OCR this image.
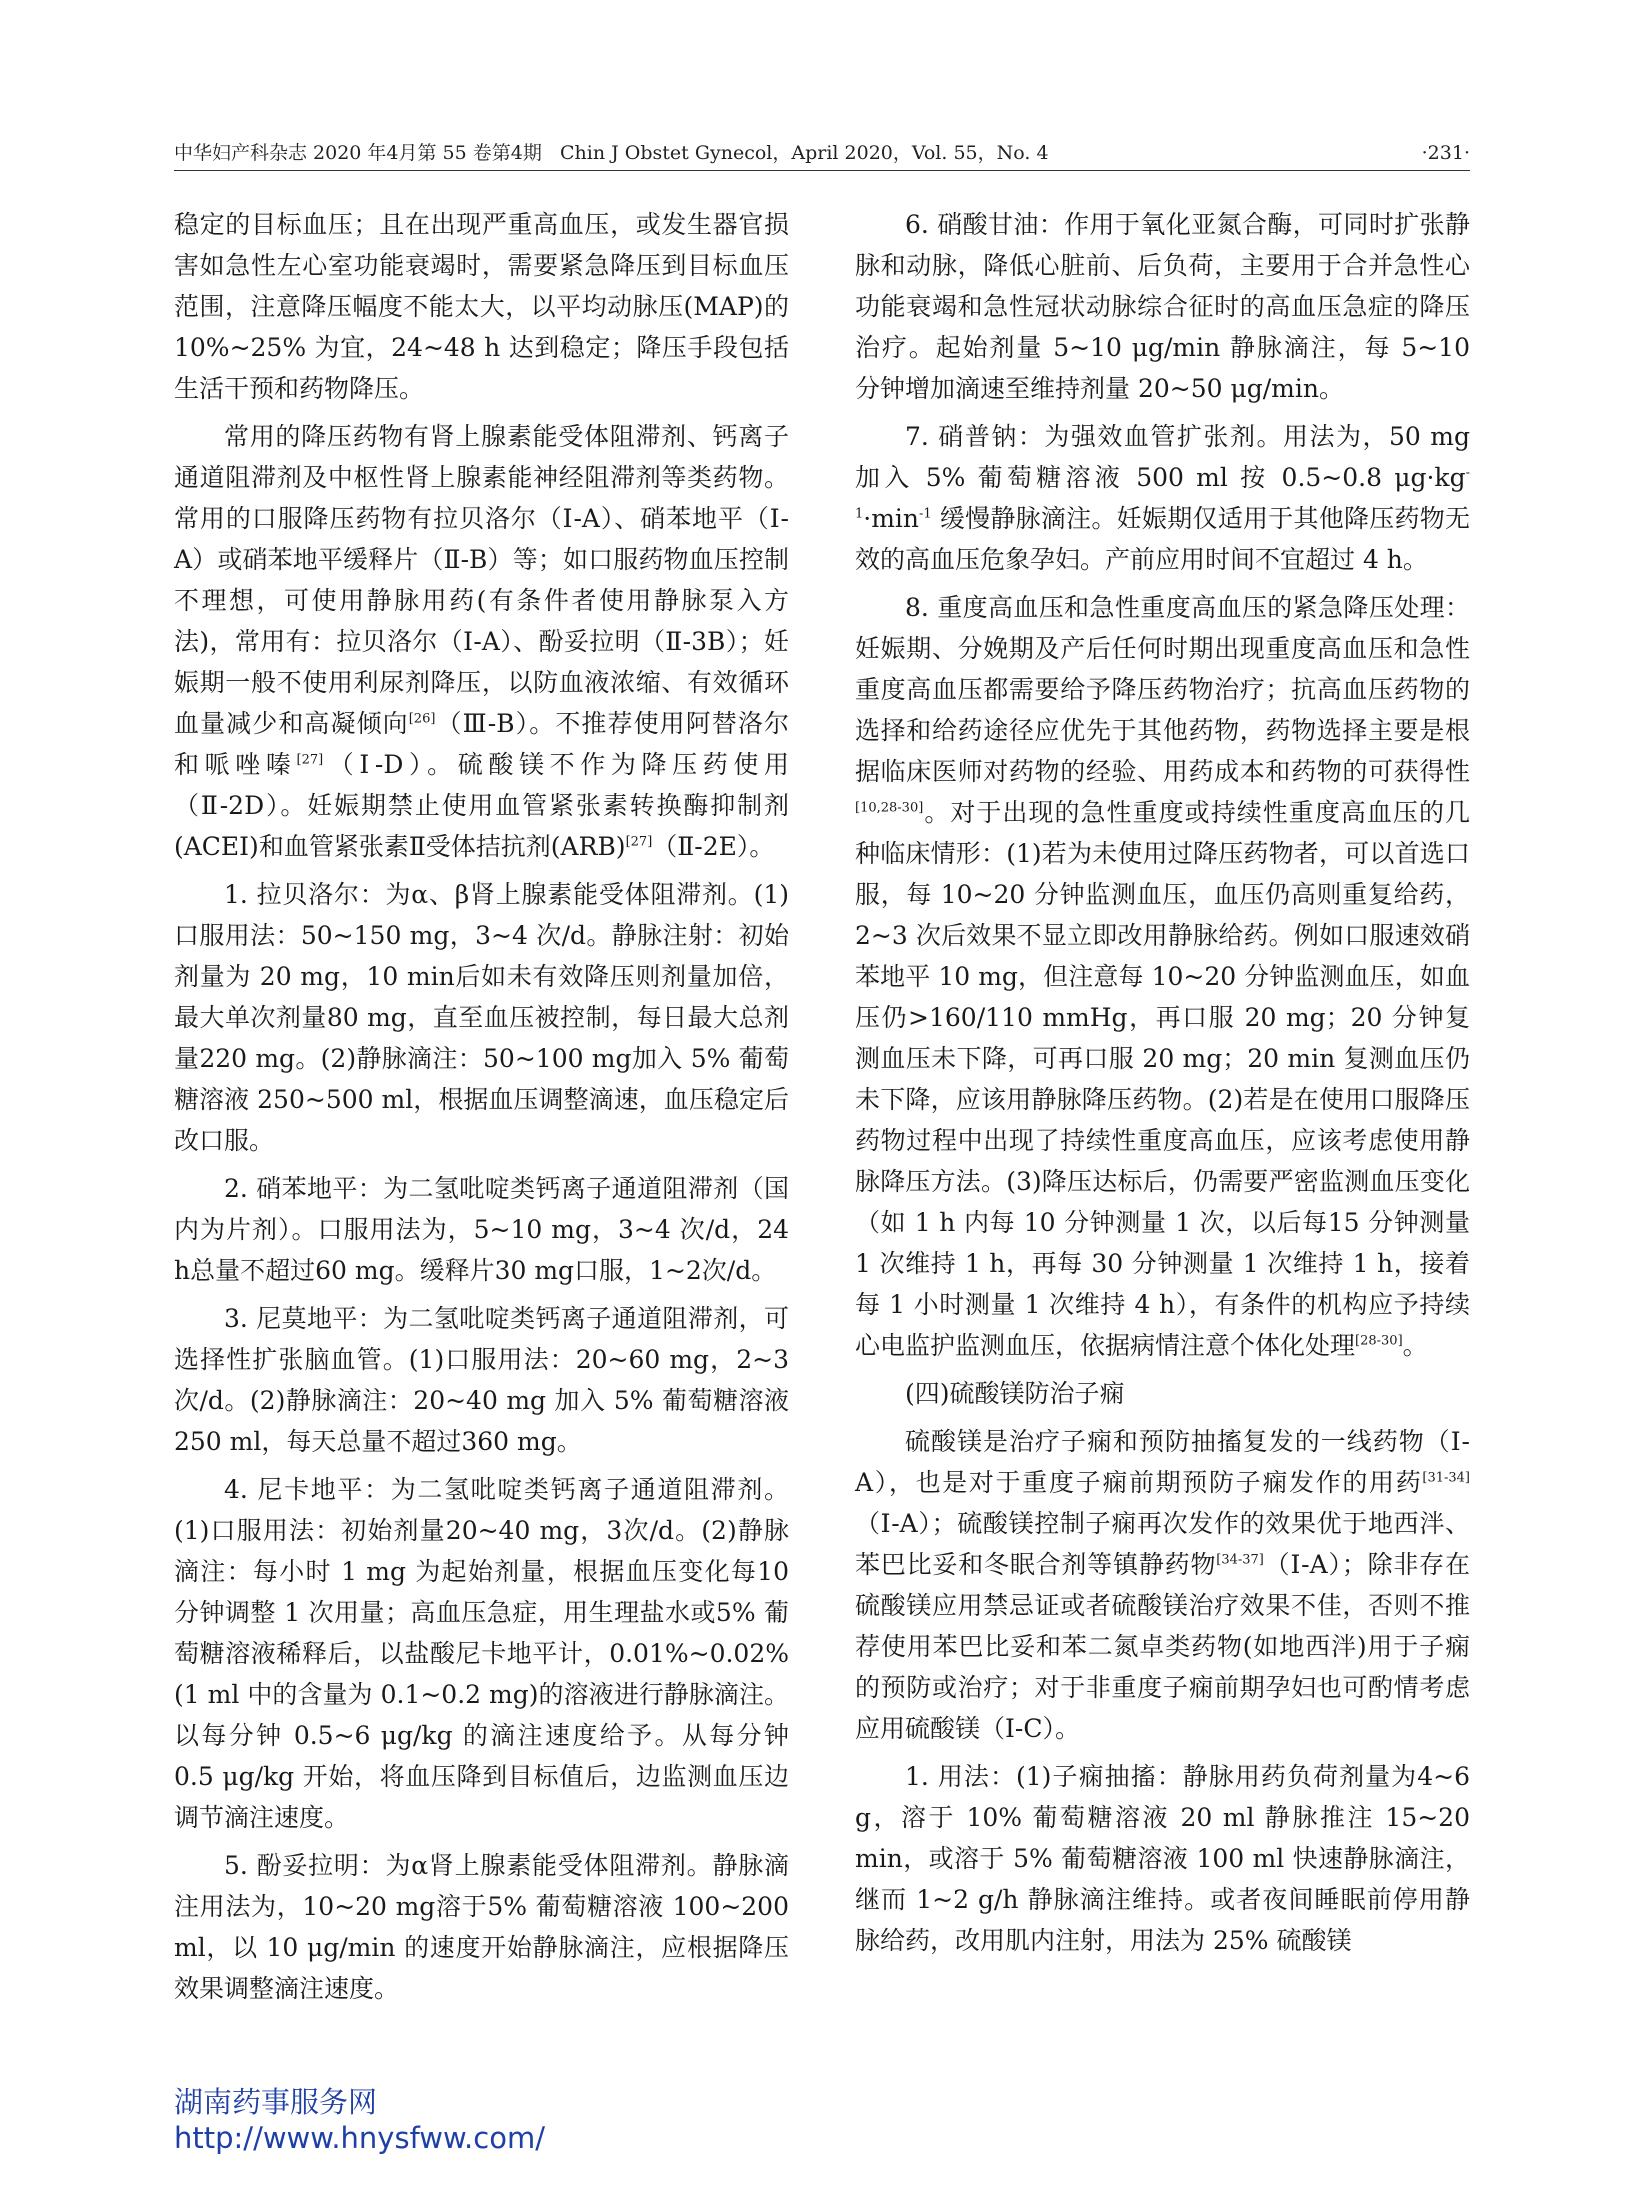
中华妇产科杂志 2020 年4月第 55 卷第4期 Chin J Obstet Gynecol，April 2020，Vol. 55，No. 4	·231·

稳定的目标血压；且在出现严重高血压，或发生器官损害如急性左心室功能衰竭时，需要紧急降压到目标血压范围，注意降压幅度不能太大，以平均动脉压(MAP)的 10%~25% 为宜，24~48 h 达到稳定；降压手段包括生活干预和药物降压。

常用的降压药物有肾上腺素能受体阻滞剂、钙离子通道阻滞剂及中枢性肾上腺素能神经阻滞剂等类药物。常用的口服降压药物有拉贝洛尔（Ⅰ-A）、硝苯地平（Ⅰ-A）或硝苯地平缓释片（Ⅱ-B）等；如口服药物血压控制不理想，可使用静脉用药(有条件者使用静脉泵入方法)，常用有：拉贝洛尔（Ⅰ-A）、酚妥拉明（Ⅱ-3B）；妊娠期一般不使用利尿剂降压，以防血液浓缩、有效循环血量减少和高凝倾向[26]（Ⅲ-B）。不推荐使用阿替洛尔和哌唑嗪[27]（Ⅰ-D）。硫酸镁不作为降压药使用（Ⅱ-2D）。妊娠期禁止使用血管紧张素转换酶抑制剂(ACEI)和血管紧张素Ⅱ受体拮抗剂(ARB)[27]（Ⅱ-2E）。

1. 拉贝洛尔：为α、β肾上腺素能受体阻滞剂。(1)口服用法：50~150 mg，3~4 次/d。静脉注射：初始剂量为 20 mg，10 min后如未有效降压则剂量加倍，最大单次剂量80 mg，直至血压被控制，每日最大总剂量220 mg。(2)静脉滴注：50~100 mg加入 5% 葡萄糖溶液 250~500 ml，根据血压调整滴速，血压稳定后改口服。

2. 硝苯地平：为二氢吡啶类钙离子通道阻滞剂（国内为片剂）。口服用法为，5~10 mg，3~4 次/d，24 h总量不超过60 mg。缓释片30 mg口服，1~2次/d。

3. 尼莫地平：为二氢吡啶类钙离子通道阻滞剂，可选择性扩张脑血管。(1)口服用法：20~60 mg，2~3 次/d。(2)静脉滴注：20~40 mg 加入 5% 葡萄糖溶液 250 ml，每天总量不超过360 mg。

4. 尼卡地平：为二氢吡啶类钙离子通道阻滞剂。(1)口服用法：初始剂量20~40 mg，3次/d。(2)静脉滴注：每小时 1 mg 为起始剂量，根据血压变化每10 分钟调整 1 次用量；高血压急症，用生理盐水或5% 葡萄糖溶液稀释后，以盐酸尼卡地平计，0.01%~0.02%(1 ml 中的含量为 0.1~0.2 mg)的溶液进行静脉滴注。以每分钟 0.5~6 μg/kg 的滴注速度给予。从每分钟 0.5 μg/kg 开始，将血压降到目标值后，边监测血压边调节滴注速度。

5. 酚妥拉明：为α肾上腺素能受体阻滞剂。静脉滴注用法为，10~20 mg溶于5% 葡萄糖溶液 100~200 ml，以 10 μg/min 的速度开始静脉滴注，应根据降压效果调整滴注速度。

6. 硝酸甘油：作用于氧化亚氮合酶，可同时扩张静脉和动脉，降低心脏前、后负荷，主要用于合并急性心功能衰竭和急性冠状动脉综合征时的高血压急症的降压治疗。起始剂量 5~10 μg/min 静脉滴注，每 5~10 分钟增加滴速至维持剂量 20~50 μg/min。

7. 硝普钠：为强效血管扩张剂。用法为，50 mg 加入 5% 葡萄糖溶液 500 ml 按 0.5~0.8 $\mu g\cdot kg^{-1}\cdot\min^{-1}$ 缓慢静脉滴注。妊娠期仅适用于其他降压药物无效的高血压危象孕妇。产前应用时间不宜超过 4 h。

8. 重度高血压和急性重度高血压的紧急降压处理：妊娠期、分娩期及产后任何时期出现重度高血压和急性重度高血压都需要给予降压药物治疗；抗高血压药物的选择和给药途径应优先于其他药物，药物选择主要是根据临床医师对药物的经验、用药成本和药物的可获得性[10,28-30]。对于出现的急性重度或持续性重度高血压的几种临床情形：(1)若为未使用过降压药物者，可以首选口服，每 10~20 分钟监测血压，血压仍高则重复给药，2~3 次后效果不显立即改用静脉给药。例如口服速效硝苯地平 10 mg，但注意每 10~20 分钟监测血压，如血压仍>160/110 mmHg，再口服 20 mg；20 分钟复测血压未下降，可再口服 20 mg；20 min 复测血压仍未下降，应该用静脉降压药物。(2)若是在使用口服降压药物过程中出现了持续性重度高血压，应该考虑使用静脉降压方法。(3)降压达标后，仍需要严密监测血压变化（如 1 h 内每 10 分钟测量 1 次，以后每15 分钟测量 1 次维持 1 h，再每 30 分钟测量 1 次维持 1 h，接着每 1 小时测量 1 次维持 4 h），有条件的机构应予持续心电监护监测血压，依据病情注意个体化处理[28-30]。

(四)硫酸镁防治子痫

硫酸镁是治疗子痫和预防抽搐复发的一线药物（Ⅰ-A），也是对于重度子痫前期预防子痫发作的用药[31-34]（Ⅰ-A）；硫酸镁控制子痫再次发作的效果优于地西泮、苯巴比妥和冬眠合剂等镇静药物[34-37]（Ⅰ-A）；除非存在硫酸镁应用禁忌证或者硫酸镁治疗效果不佳，否则不推荐使用苯巴比妥和苯二氮卓类药物(如地西泮)用于子痫的预防或治疗；对于非重度子痫前期孕妇也可酌情考虑应用硫酸镁（Ⅰ-C）。

1. 用法：(1)子痫抽搐：静脉用药负荷剂量为4~6 g，溶于 10% 葡萄糖溶液 20 ml 静脉推注 15~20 min，或溶于 5% 葡萄糖溶液 100 ml 快速静脉滴注，继而 1~2 g/h 静脉滴注维持。或者夜间睡眠前停用静脉给药，改用肌内注射，用法为 25% 硫酸镁

湖南药事服务网
http://www.hnysfww.com/
